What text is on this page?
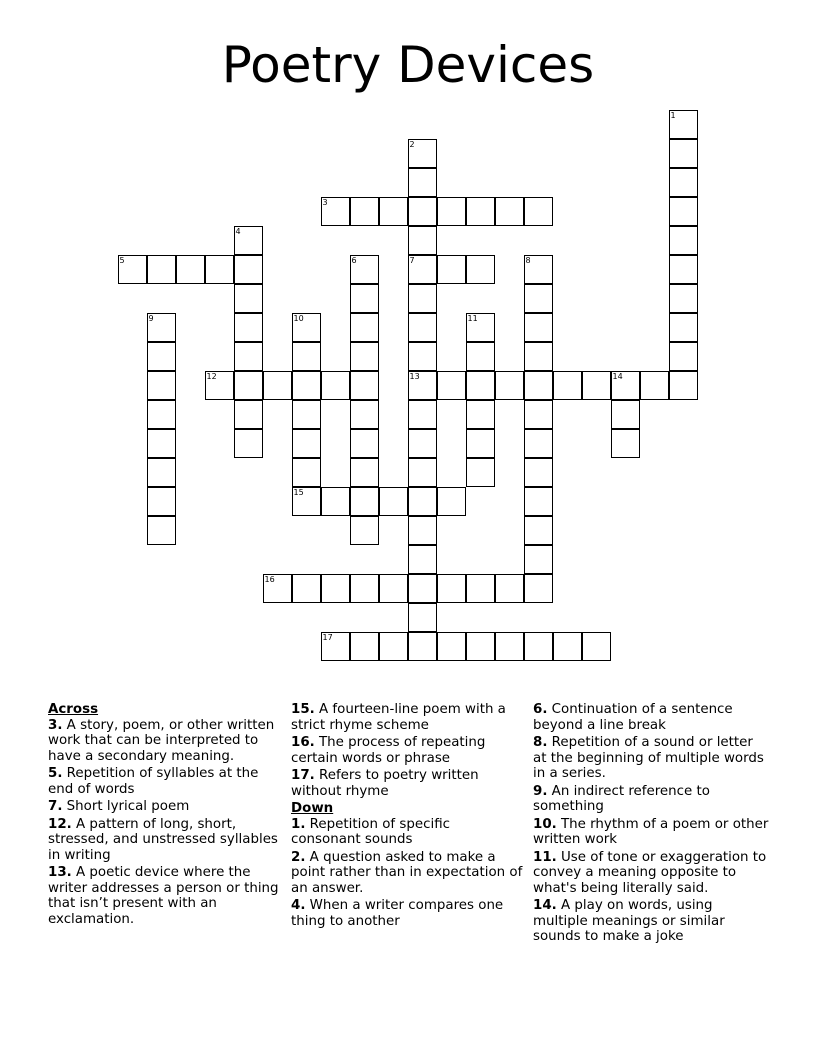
Poetry Devices
1
2
7
13
3
4
5	6	8
9	10	11
12	14
15
16
17
Across
3. A story, poem, or other written work that can be interpreted to have a secondary meaning.
5. Repetition of syllables at the end of words
7. Short lyrical poem
12. A pattern of long, short, stressed, and unstressed syllables in writing
13. A poetic device where the writer addresses a person or thing that isn’t present with an exclamation.
15. A fourteen-line poem with a strict rhyme scheme
16. The process of repeating certain words or phrase
17. Refers to poetry written without rhyme
Down
1. Repetition of specific consonant sounds
2. A question asked to make a point rather than in expectation of an answer.
4. When a writer compares one thing to another
6. Continuation of a sentence beyond a line break
8. Repetition of a sound or letter at the beginning of multiple words in a series.
9. An indirect reference to something
10. The rhythm of a poem or other written work
11. Use of tone or exaggeration to convey a meaning opposite to what's being literally said.
14. A play on words, using multiple meanings or similar sounds to make a joke
